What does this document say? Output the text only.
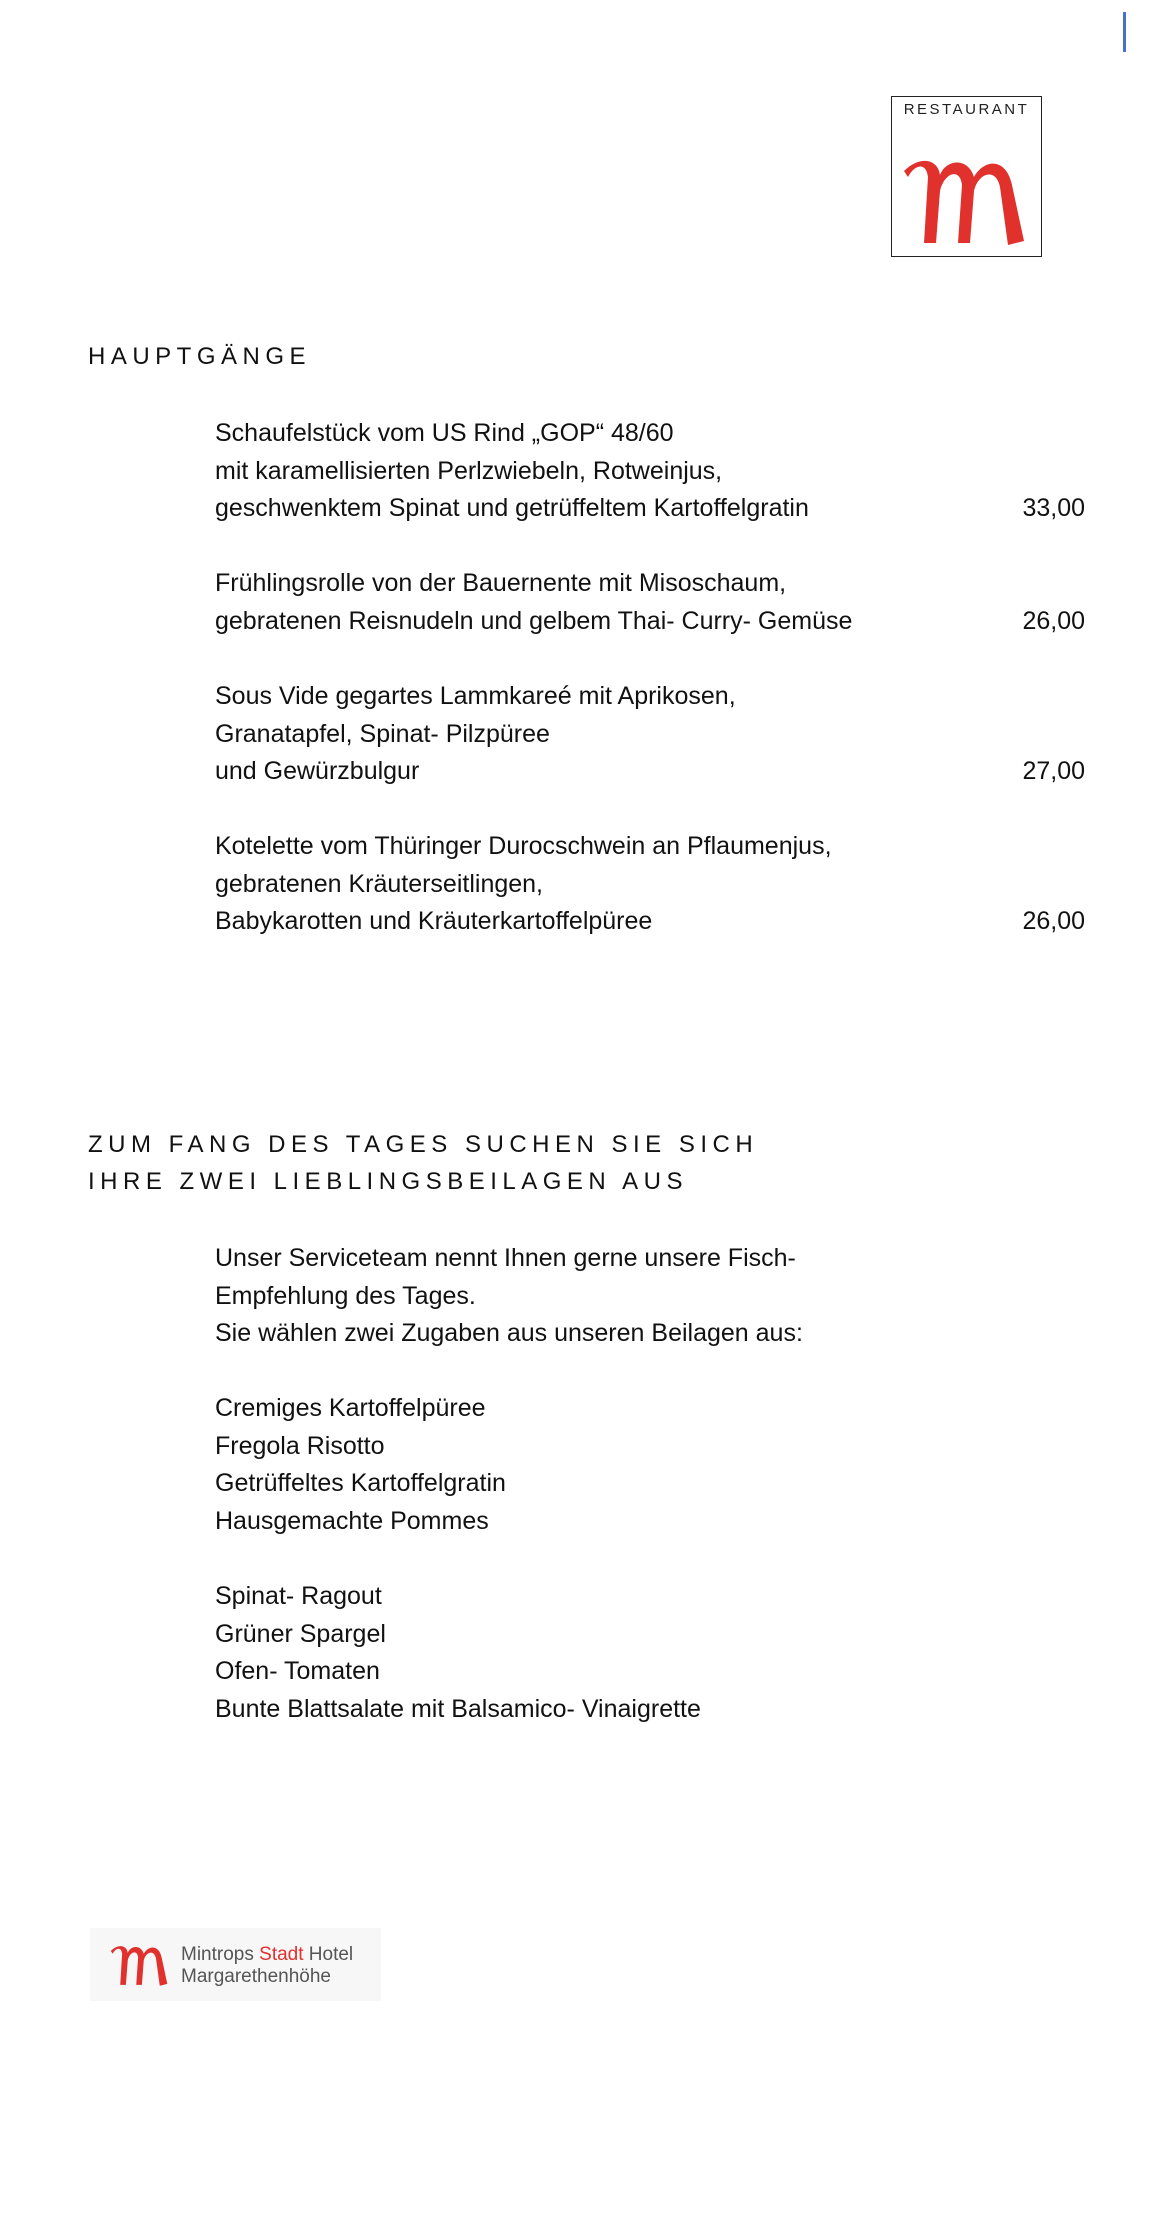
RESTAURANT
HAUPTGÄNGE
Schaufelstück vom US Rind „GOP“ 48/60
mit karamellisierten Perlzwiebeln, Rotweinjus,
geschwenktem Spinat und getrüffeltem Kartoffelgratin	33,00
Frühlingsrolle von der Bauernente mit Misoschaum,
gebratenen Reisnudeln und gelbem Thai- Curry- Gemüse	26,00
Sous Vide gegartes Lammkareé mit Aprikosen,
Granatapfel, Spinat- Pilzpüree
und Gewürzbulgur	27,00
Kotelette vom Thüringer Durocschwein an Pflaumenjus,
gebratenen Kräuterseitlingen,
Babykarotten und Kräuterkartoffelpüree	26,00
ZUM FANG DES TAGES SUCHEN SIE SICH
IHRE ZWEI LIEBLINGSBEILAGEN AUS
Unser Serviceteam nennt Ihnen gerne unsere Fisch-
Empfehlung des Tages.
Sie wählen zwei Zugaben aus unseren Beilagen aus:
Cremiges Kartoffelpüree
Fregola Risotto
Getrüffeltes Kartoffelgratin
Hausgemachte Pommes
Spinat- Ragout
Grüner Spargel
Ofen- Tomaten
Bunte Blattsalate mit Balsamico- Vinaigrette
Mintrops Stadt Hotel
Margarethenhöhe
